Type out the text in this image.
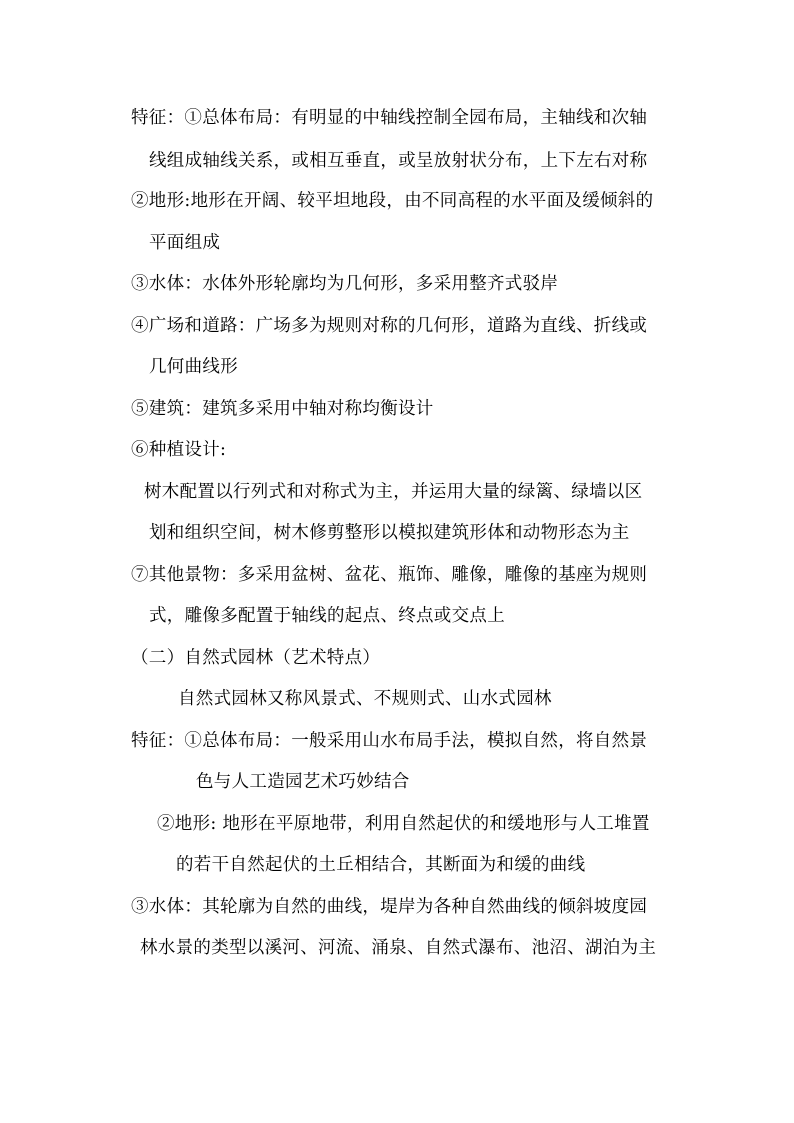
特征：①总体布局：有明显的中轴线控制全园布局，主轴线和次轴
线组成轴线关系，或相互垂直，或呈放射状分布，上下左右对称
②地形:地形在开阔、较平坦地段，由不同高程的水平面及缓倾斜的
平面组成
③水体：水体外形轮廓均为几何形，多采用整齐式驳岸
④广场和道路：广场多为规则对称的几何形，道路为直线、折线或
几何曲线形
⑤建筑：建筑多采用中轴对称均衡设计
⑥种植设计:
树木配置以行列式和对称式为主，并运用大量的绿篱、绿墙以区
划和组织空间，树木修剪整形以模拟建筑形体和动物形态为主
⑦其他景物：多采用盆树、盆花、瓶饰、雕像，雕像的基座为规则
式，雕像多配置于轴线的起点、终点或交点上
（二）自然式园林（艺术特点）
自然式园林又称风景式、不规则式、山水式园林
特征：①总体布局：一般采用山水布局手法，模拟自然，将自然景
色与人工造园艺术巧妙结合
②地形: 地形在平原地带，利用自然起伏的和缓地形与人工堆置
的若干自然起伏的土丘相结合，其断面为和缓的曲线
③水体：其轮廓为自然的曲线，堤岸为各种自然曲线的倾斜坡度园
林水景的类型以溪河、河流、涌泉、自然式瀑布、池沼、湖泊为主
